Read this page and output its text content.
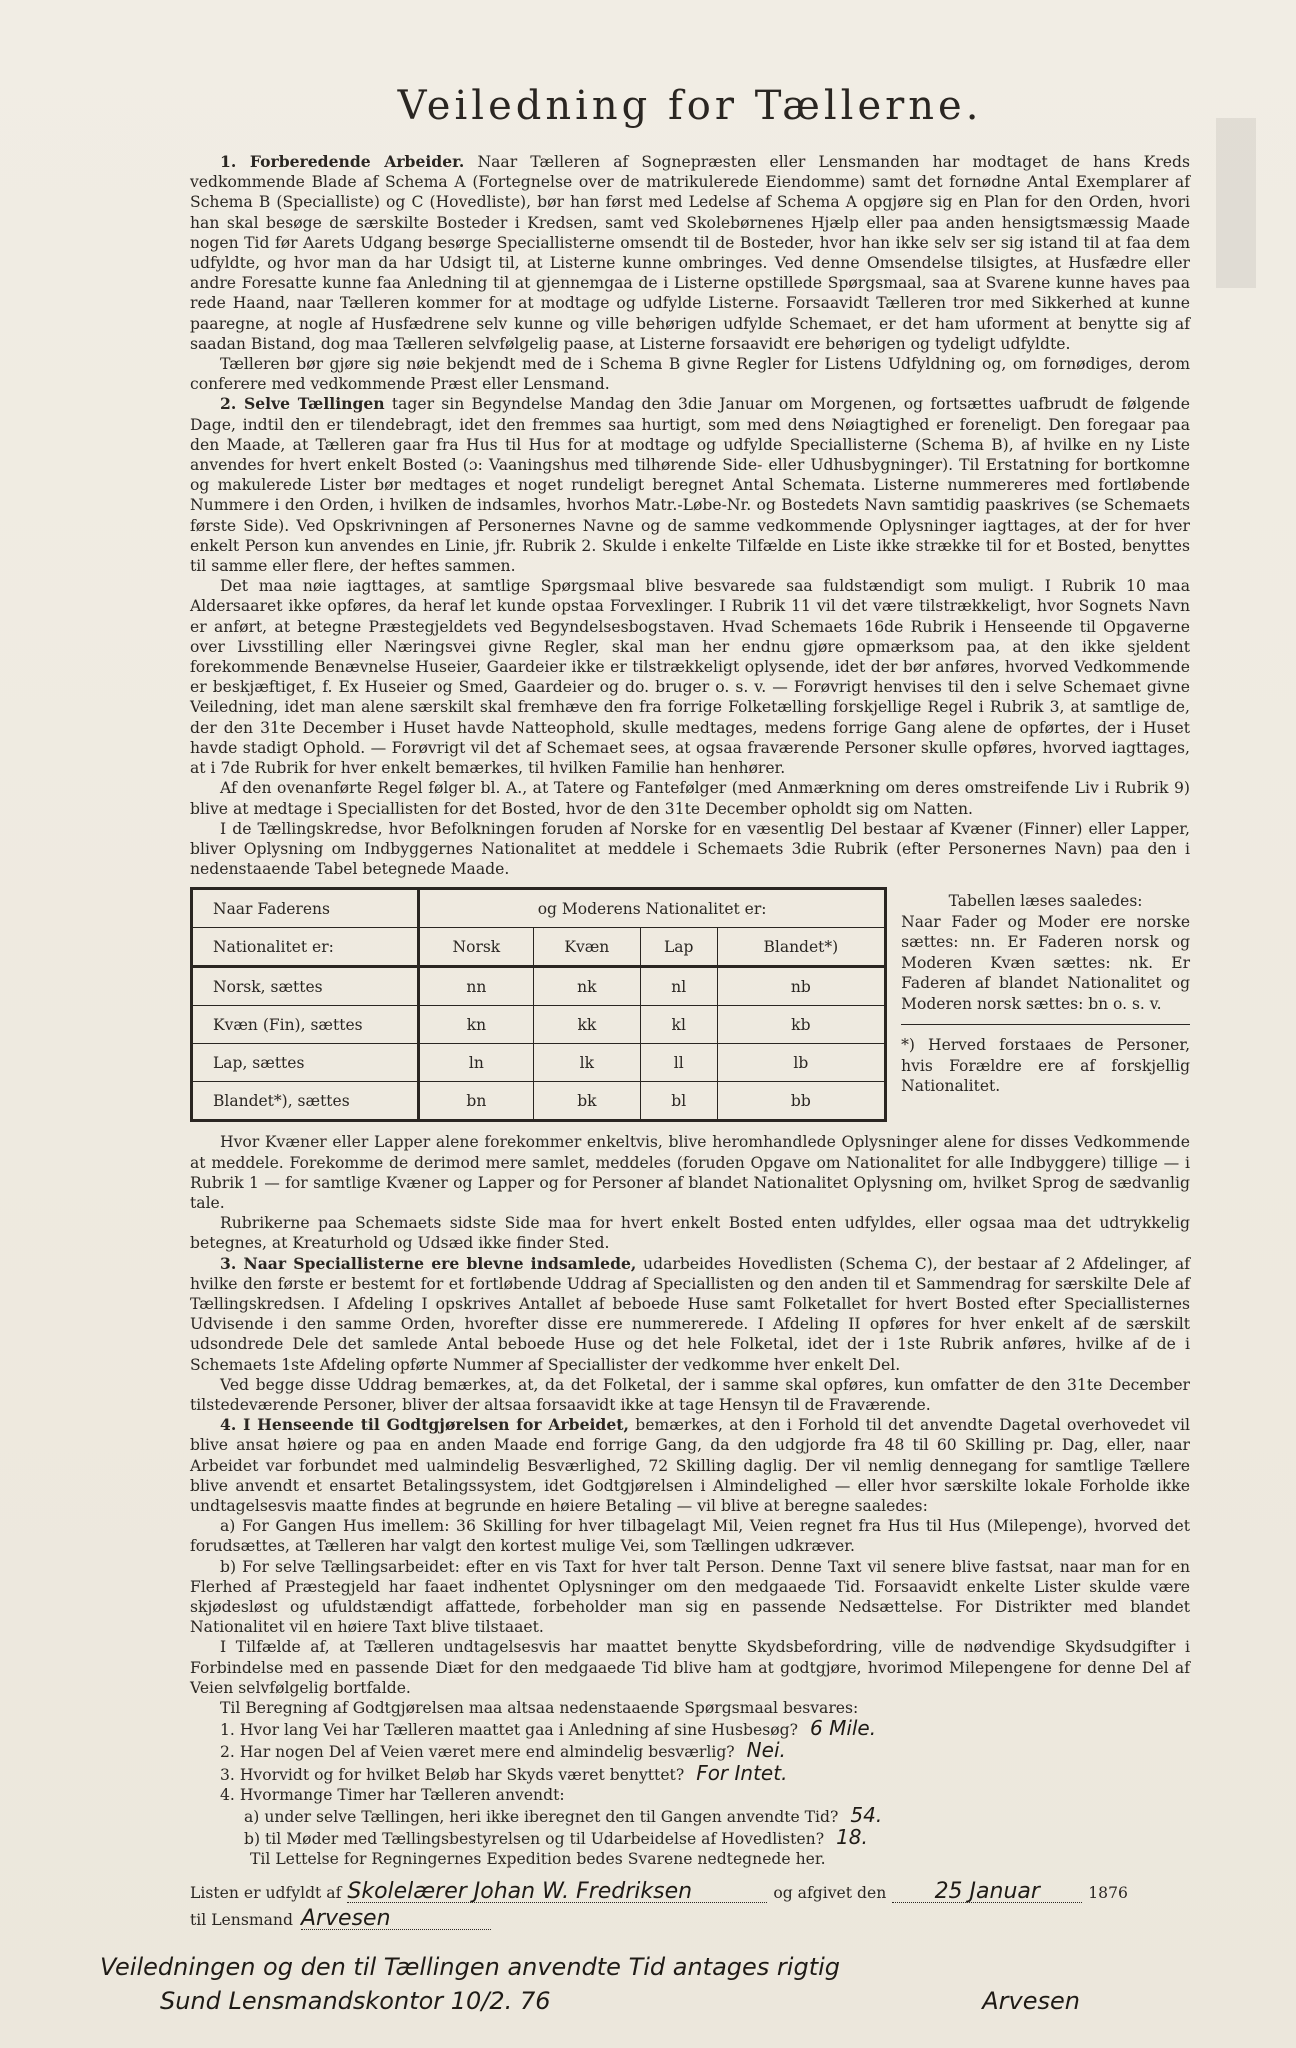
Veiledning for Tællerne.

1. Forberedende Arbeider. Naar Tælleren af Sognepræsten eller Lensmanden har modtaget de hans Kreds vedkommende Blade af Schema A (Fortegnelse over de matrikulerede Eiendomme) samt det fornødne Antal Exemplarer af Schema B (Specialliste) og C (Hovedliste), bør han først med Ledelse af Schema A opgjøre sig en Plan for den Orden, hvori han skal besøge de særskilte Bosteder i Kredsen, samt ved Skolebørnenes Hjælp eller paa anden hensigtsmæssig Maade nogen Tid før Aarets Udgang besørge Speciallisterne omsendt til de Bosteder, hvor han ikke selv ser sig istand til at faa dem udfyldte, og hvor man da har Udsigt til, at Listerne kunne ombringes. Ved denne Omsendelse tilsigtes, at Husfædre eller andre Foresatte kunne faa Anledning til at gjennemgaa de i Listerne opstillede Spørgsmaal, saa at Svarene kunne haves paa rede Haand, naar Tælleren kommer for at modtage og udfylde Listerne. Forsaavidt Tælleren tror med Sikkerhed at kunne paaregne, at nogle af Husfædrene selv kunne og ville behørigen udfylde Schemaet, er det ham uforment at benytte sig af saadan Bistand, dog maa Tælleren selvfølgelig paase, at Listerne forsaavidt ere behørigen og tydeligt udfyldte.

Tælleren bør gjøre sig nøie bekjendt med de i Schema B givne Regler for Listens Udfyldning og, om fornødiges, derom conferere med vedkommende Præst eller Lensmand.

2. Selve Tællingen tager sin Begyndelse Mandag den 3die Januar om Morgenen, og fortsættes uafbrudt de følgende Dage, indtil den er tilendebragt, idet den fremmes saa hurtigt, som med dens Nøiagtighed er foreneligt. Den foregaar paa den Maade, at Tælleren gaar fra Hus til Hus for at modtage og udfylde Speciallisterne (Schema B), af hvilke en ny Liste anvendes for hvert enkelt Bosted (ɔ: Vaaningshus med tilhørende Side- eller Udhusbygninger). Til Erstatning for bortkomne og makulerede Lister bør medtages et noget rundeligt beregnet Antal Schemata. Listerne nummereres med fortløbende Nummere i den Orden, i hvilken de indsamles, hvorhos Matr.-Løbe-Nr. og Bostedets Navn samtidig paaskrives (se Schemaets første Side). Ved Opskrivningen af Personernes Navne og de samme vedkommende Oplysninger iagttages, at der for hver enkelt Person kun anvendes en Linie, jfr. Rubrik 2. Skulde i enkelte Tilfælde en Liste ikke strække til for et Bosted, benyttes til samme eller flere, der heftes sammen.

Det maa nøie iagttages, at samtlige Spørgsmaal blive besvarede saa fuldstændigt som muligt. I Rubrik 10 maa Aldersaaret ikke opføres, da heraf let kunde opstaa Forvexlinger. I Rubrik 11 vil det være tilstrækkeligt, hvor Sognets Navn er anført, at betegne Præstegjeldets ved Begyndelsesbogstaven. Hvad Schemaets 16de Rubrik i Henseende til Opgaverne over Livsstilling eller Næringsvei givne Regler, skal man her endnu gjøre opmærksom paa, at den ikke sjeldent forekommende Benævnelse Huseier, Gaardeier ikke er tilstrækkeligt oplysende, idet der bør anføres, hvorved Vedkommende er beskjæftiget, f. Ex Huseier og Smed, Gaardeier og do. bruger o. s. v. — Forøvrigt henvises til den i selve Schemaet givne Veiledning, idet man alene særskilt skal fremhæve den fra forrige Folketælling forskjellige Regel i Rubrik 3, at samtlige de, der den 31te December i Huset havde Natteophold, skulle medtages, medens forrige Gang alene de opførtes, der i Huset havde stadigt Ophold. — Forøvrigt vil det af Schemaet sees, at ogsaa fraværende Personer skulle opføres, hvorved iagttages, at i 7de Rubrik for hver enkelt bemærkes, til hvilken Familie han henhører.

Af den ovenanførte Regel følger bl. A., at Tatere og Fantefølger (med Anmærkning om deres omstreifende Liv i Rubrik 9) blive at medtage i Speciallisten for det Bosted, hvor de den 31te December opholdt sig om Natten.

I de Tællingskredse, hvor Befolkningen foruden af Norske for en væsentlig Del bestaar af Kvæner (Finner) eller Lapper, bliver Oplysning om Indbyggernes Nationalitet at meddele i Schemaets 3die Rubrik (efter Personernes Navn) paa den i nedenstaaende Tabel betegnede Maade.

Naar Faderens	og Moderens Nationalitet er:			
Nationalitet er:	Norsk	Kvæn	Lap	Blandet*)
Norsk, sættes	nn	nk	nl	nb
Kvæn (Fin), sættes	kn	kk	kl	kb
Lap, sættes	ln	lk	ll	lb
Blandet*), sættes	bn	bk	bl	bb
Tabellen læses saaledes:
Naar Fader og Moder ere norske sættes: nn. Er Faderen norsk og Moderen Kvæn sættes: nk. Er Faderen af blandet Nationalitet og Moderen norsk sættes: bn o. s. v.
*) Herved forstaaes de Personer, hvis Forældre ere af forskjellig Nationalitet.

Hvor Kvæner eller Lapper alene forekommer enkeltvis, blive heromhandlede Oplysninger alene for disses Vedkommende at meddele. Forekomme de derimod mere samlet, meddeles (foruden Opgave om Nationalitet for alle Indbyggere) tillige — i Rubrik 1 — for samtlige Kvæner og Lapper og for Personer af blandet Nationalitet Oplysning om, hvilket Sprog de sædvanlig tale.

Rubrikerne paa Schemaets sidste Side maa for hvert enkelt Bosted enten udfyldes, eller ogsaa maa det udtrykkelig betegnes, at Kreaturhold og Udsæd ikke finder Sted.

3. Naar Speciallisterne ere blevne indsamlede, udarbeides Hovedlisten (Schema C), der bestaar af 2 Afdelinger, af hvilke den første er bestemt for et fortløbende Uddrag af Speciallisten og den anden til et Sammendrag for særskilte Dele af Tællingskredsen. I Afdeling I opskrives Antallet af beboede Huse samt Folketallet for hvert Bosted efter Speciallisternes Udvisende i den samme Orden, hvorefter disse ere nummererede. I Afdeling II opføres for hver enkelt af de særskilt udsondrede Dele det samlede Antal beboede Huse og det hele Folketal, idet der i 1ste Rubrik anføres, hvilke af de i Schemaets 1ste Afdeling opførte Nummer af Speciallister der vedkomme hver enkelt Del.

Ved begge disse Uddrag bemærkes, at, da det Folketal, der i samme skal opføres, kun omfatter de den 31te December tilstedeværende Personer, bliver der altsaa forsaavidt ikke at tage Hensyn til de Fraværende.

4. I Henseende til Godtgjørelsen for Arbeidet, bemærkes, at den i Forhold til det anvendte Dagetal overhovedet vil blive ansat høiere og paa en anden Maade end forrige Gang, da den udgjorde fra 48 til 60 Skilling pr. Dag, eller, naar Arbeidet var forbundet med ualmindelig Besværlighed, 72 Skilling daglig. Der vil nemlig dennegang for samtlige Tællere blive anvendt et ensartet Betalingssystem, idet Godtgjørelsen i Almindelighed — eller hvor særskilte lokale Forholde ikke undtagelsesvis maatte findes at begrunde en høiere Betaling — vil blive at beregne saaledes:

a) For Gangen Hus imellem: 36 Skilling for hver tilbagelagt Mil, Veien regnet fra Hus til Hus (Milepenge), hvorved det forudsættes, at Tælleren har valgt den kortest mulige Vei, som Tællingen udkræver.

b) For selve Tællingsarbeidet: efter en vis Taxt for hver talt Person. Denne Taxt vil senere blive fastsat, naar man for en Flerhed af Præstegjeld har faaet indhentet Oplysninger om den medgaaede Tid. Forsaavidt enkelte Lister skulde være skjødesløst og ufuldstændigt affattede, forbeholder man sig en passende Nedsættelse. For Distrikter med blandet Nationalitet vil en høiere Taxt blive tilstaaet.

I Tilfælde af, at Tælleren undtagelsesvis har maattet benytte Skydsbefordring, ville de nødvendige Skydsudgifter i Forbindelse med en passende Diæt for den medgaaede Tid blive ham at godtgjøre, hvorimod Milepengene for denne Del af Veien selvfølgelig bortfalde.

Til Beregning af Godtgjørelsen maa altsaa nedenstaaende Spørgsmaal besvares:

1. Hvor lang Vei har Tælleren maattet gaa i Anledning af sine Husbesøg? 6 Mile.
2. Har nogen Del af Veien været mere end almindelig besværlig? Nei.
3. Hvorvidt og for hvilket Beløb har Skyds været benyttet? For Intet.
4. Hvormange Timer har Tælleren anvendt:
a) under selve Tællingen, heri ikke iberegnet den til Gangen anvendte Tid? 54.
b) til Møder med Tællingsbestyrelsen og til Udarbeidelse af Hovedlisten? 18.

Til Lettelse for Regningernes Expedition bedes Svarene nedtegnede her.

Listen er udfyldt af Skolelærer Johan W. Fredriksen	og afgivet den	25 Januar	1876
til Lensmand Arvesen
Veiledningen og den til Tællingen anvendte Tid antages rigtig
Sund Lensmandskontor 10/2. 76	Arvesen
